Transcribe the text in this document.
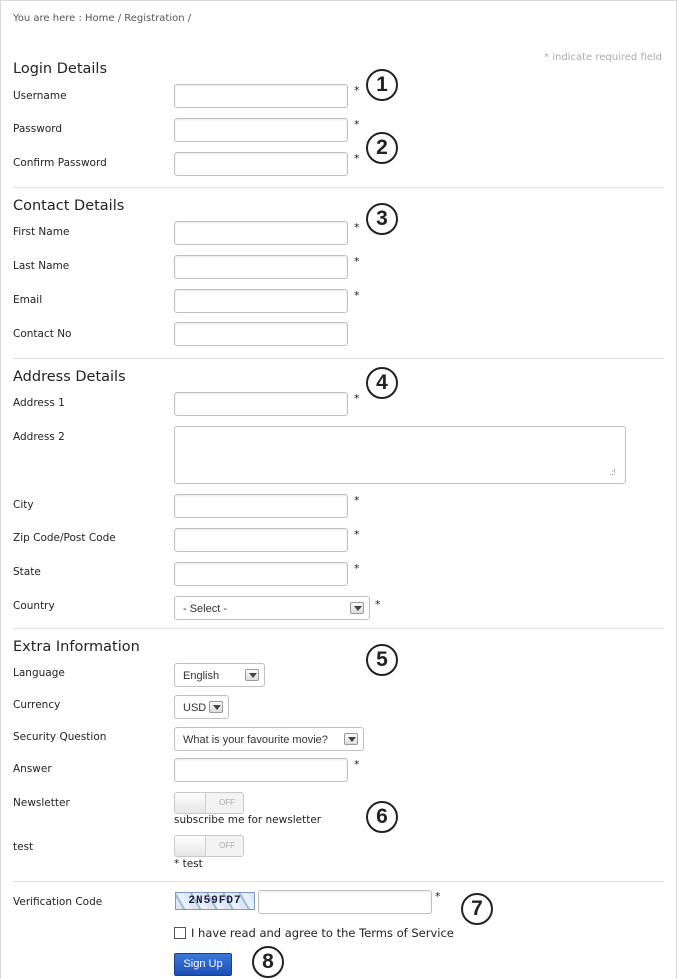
You are here : Home / Registration /
* indicate required field
Login Details
Username	*
Password	*
Confirm Password	*
Contact Details
First Name	*
Last Name	*
Email	*
Contact No
Address Details
Address 1	*
Address 2
.:!
City	*
Zip Code/Post Code	*
State	*
Country	- Select -	*
Extra Information
Language	English
Currency	USD
Security Question	What is your favourite movie?
Answer	*
Newsletter	OFF
subscribe me for newsletter
test	OFF
* test
Verification Code	2N59FD7	*
I have read and agree to the Terms of Service
Sign Up
1
2
3
4
5
6
7
8
